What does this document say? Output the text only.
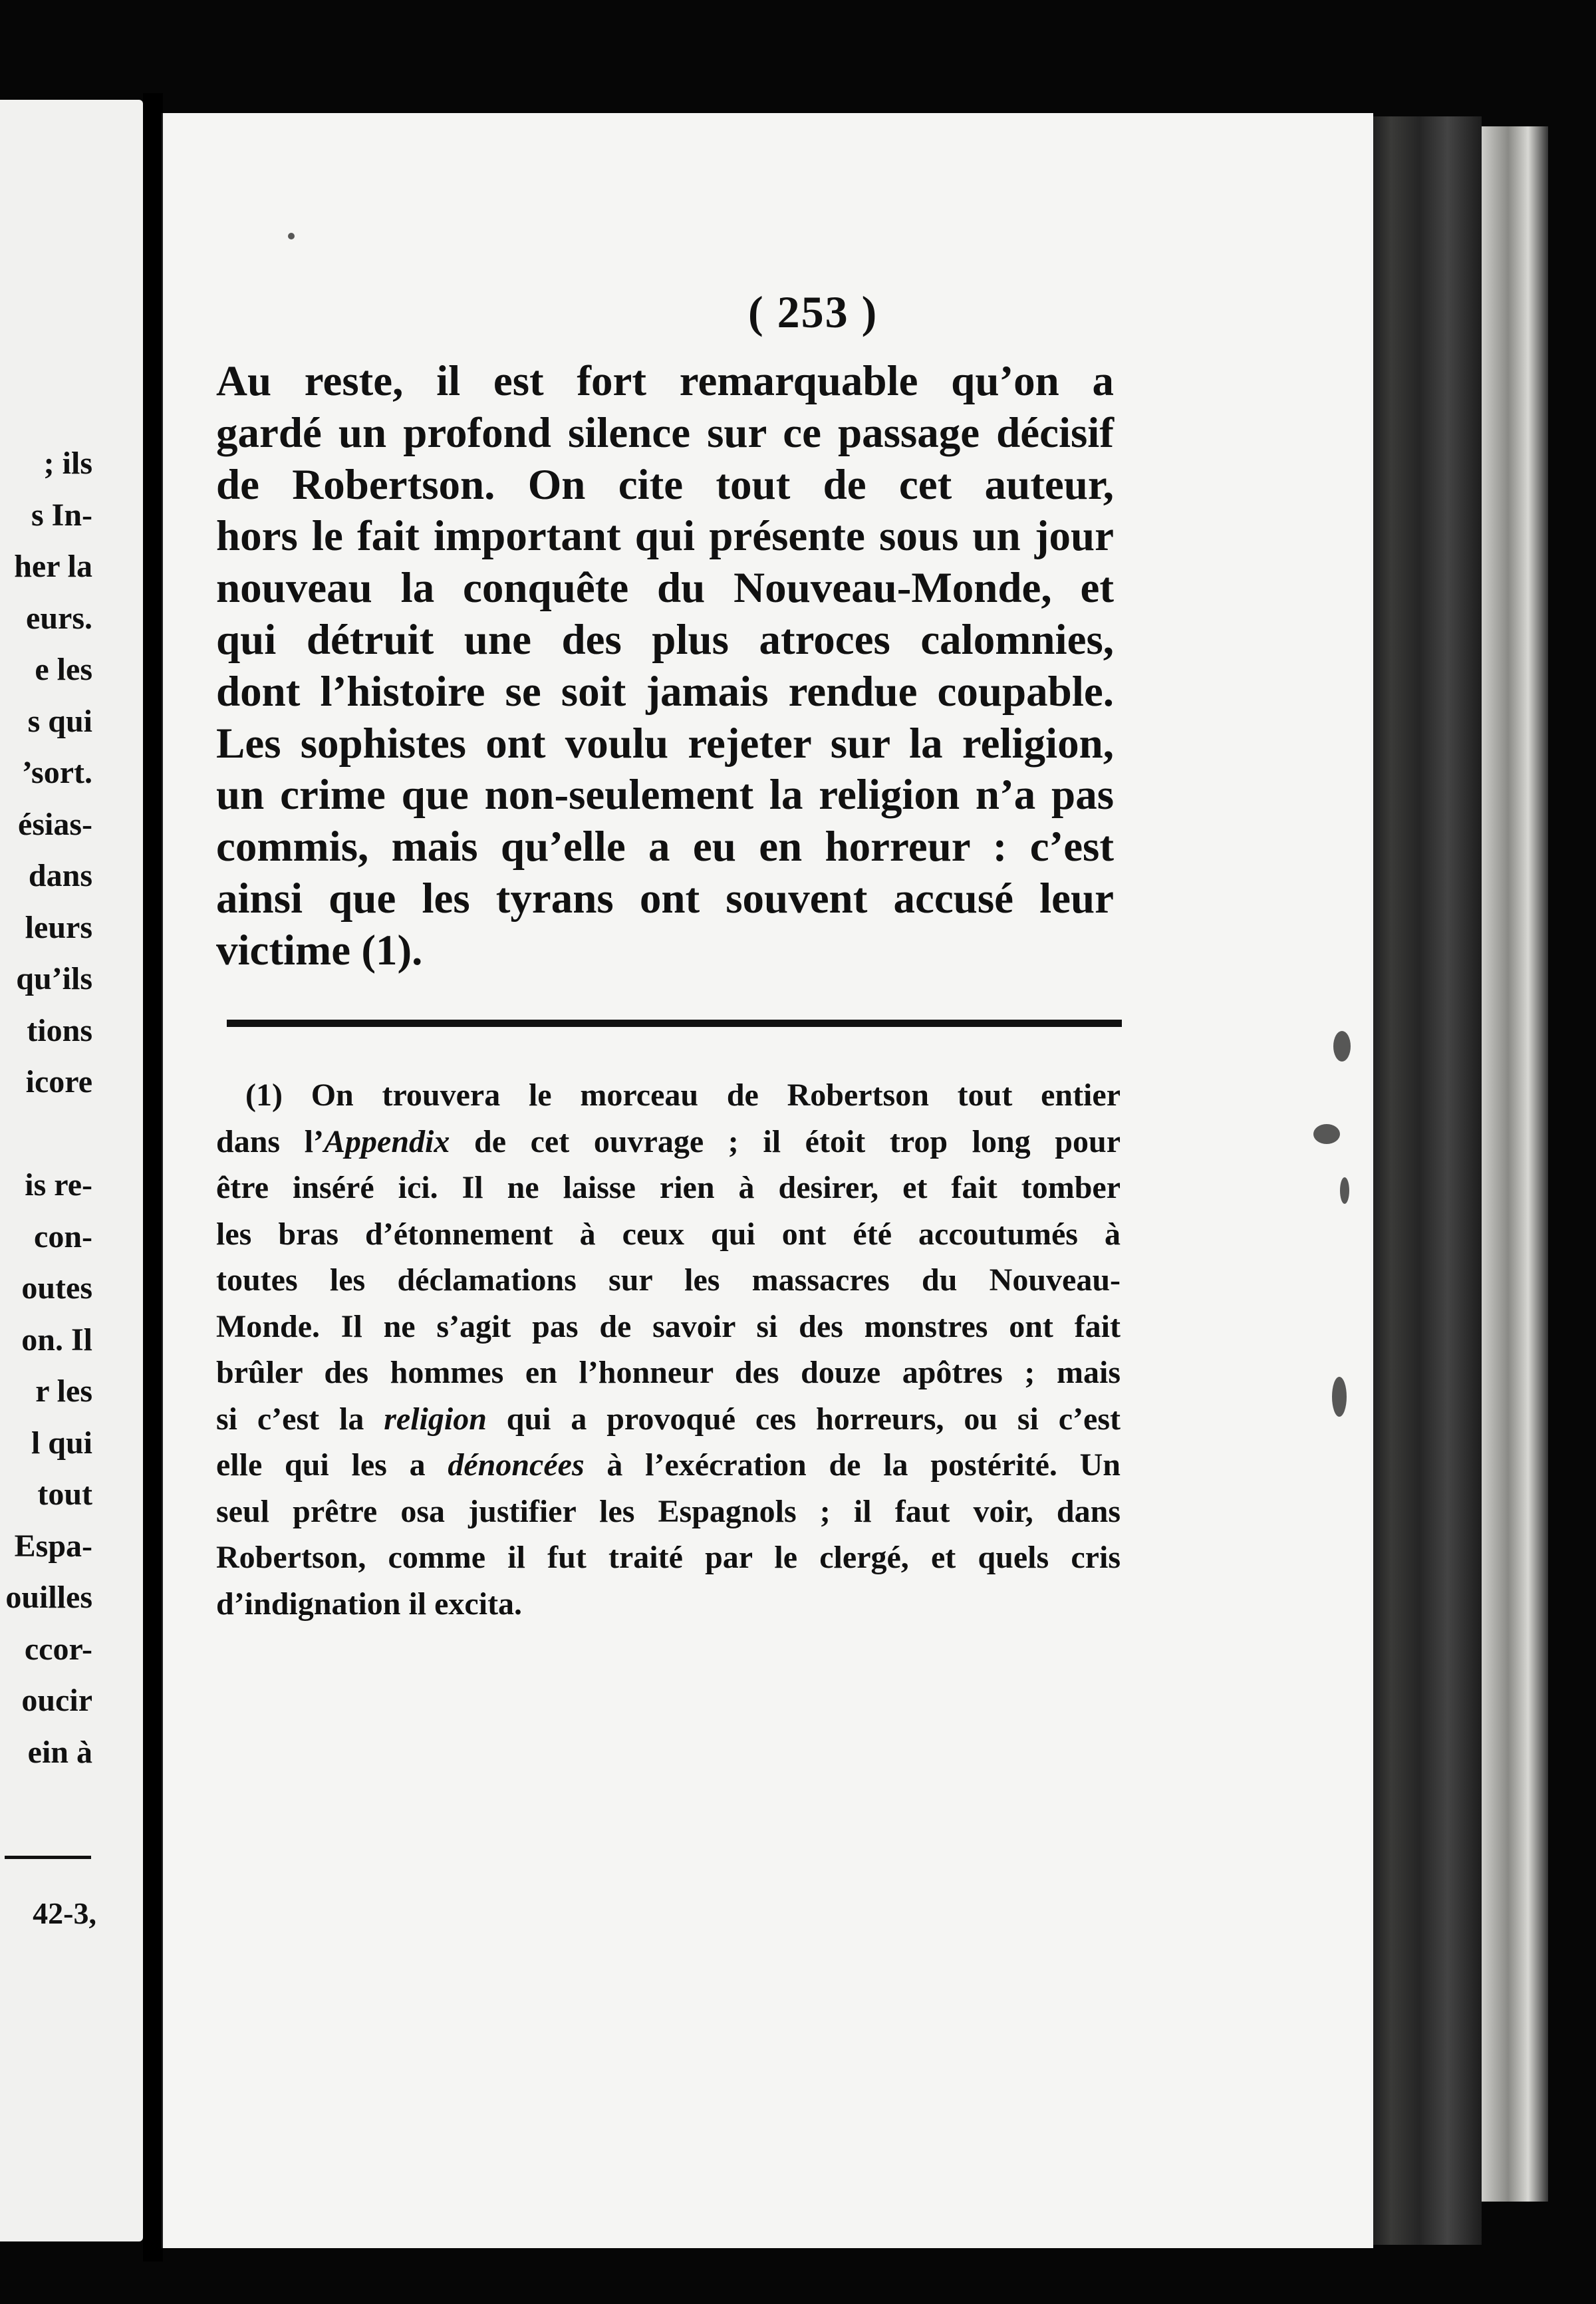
; ils
s In-
her la
eurs.
e les
s qui
’sort.
ésias-
dans
leurs
qu’ils
tions
icore

is re-
con-
outes
on. Il
r les
l qui
tout
Espa-
ouilles
ccor-
oucir
ein à
42-3,
( 253 )
Au reste, il est fort remarquable qu’on a
gardé un profond silence sur ce passage décisif
de Robertson. On cite tout de cet auteur,
hors le fait important qui présente sous un jour
nouveau la conquête du Nouveau-Monde, et
qui détruit une des plus atroces calomnies,
dont l’histoire se soit jamais rendue coupable.
Les sophistes ont voulu rejeter sur la religion,
un crime que non-seulement la religion n’a pas
commis, mais qu’elle a eu en horreur : c’est
ainsi que les tyrans ont souvent accusé leur
victime (1).
(1) On trouvera le morceau de Robertson tout entier
dans l’Appendix de cet ouvrage ; il étoit trop long pour
être inséré ici. Il ne laisse rien à desirer, et fait tomber
les bras d’étonnement à ceux qui ont été accoutumés à
toutes les déclamations sur les massacres du Nouveau-
Monde. Il ne s’agit pas de savoir si des monstres ont fait
brûler des hommes en l’honneur des douze apôtres ; mais
si c’est la religion qui a provoqué ces horreurs, ou si c’est
elle qui les a dénoncées à l’exécration de la postérité. Un
seul prêtre osa justifier les Espagnols ; il faut voir, dans
Robertson, comme il fut traité par le clergé, et quels cris
d’indignation il excita.
